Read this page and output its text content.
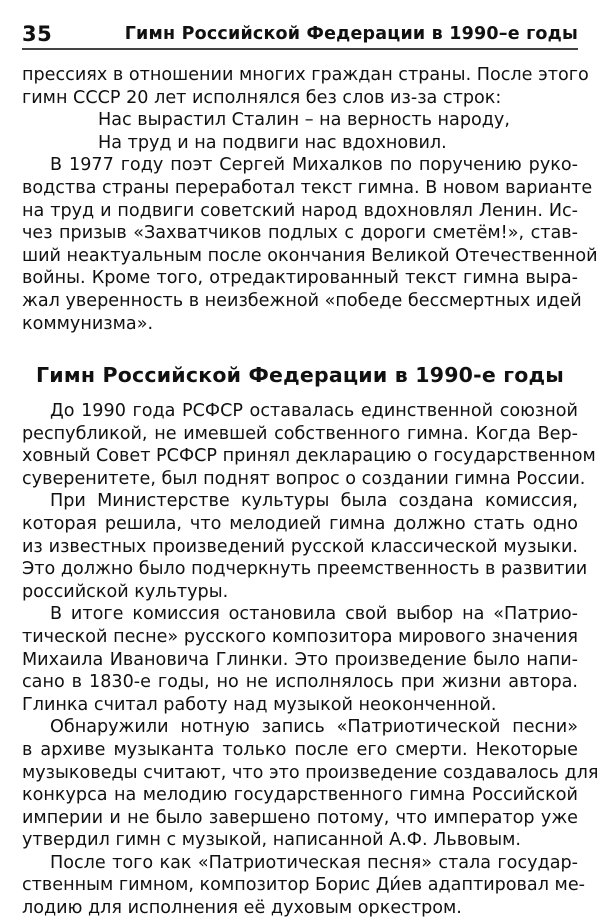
35	Гимн Российской Федерации в 1990–е годы
прессиях в отношении многих граждан страны. После этого
гимн СССР 20 лет исполнялся без слов из-за строк:
Нас вырастил Сталин – на верность народу,
На труд и на подвиги нас вдохновил.
В 1977 году поэт Сергей Михалков по поручению руко-
водства страны переработал текст гимна. В новом варианте
на труд и подвиги советский народ вдохновлял Ленин. Ис-
чез призыв «Захватчиков подлых с дороги сметём!», став-
ший неактуальным после окончания Великой Отечественной
войны. Кроме того, отредактированный текст гимна выра-
жал уверенность в неизбежной «победе бессмертных идей
коммунизма».
Гимн Российской Федерации в 1990-е годы
До 1990 года РСФСР оставалась единственной союзной
республикой, не имевшей собственного гимна. Когда Вер-
ховный Совет РСФСР принял декларацию о государственном
суверенитете, был поднят вопрос о создании гимна России.
При Министерстве культуры была создана комиссия,
которая решила, что мелодией гимна должно стать одно
из известных произведений русской классической музыки.
Это должно было подчеркнуть преемственность в развитии
российской культуры.
В итоге комиссия остановила свой выбор на «Патрио-
тической песне» русского композитора мирового значения
Михаила Ивановича Глинки. Это произведение было напи-
сано в 1830-е годы, но не исполнялось при жизни автора.
Глинка считал работу над музыкой неоконченной.
Обнаружили нотную запись «Патриотической песни»
в архиве музыканта только после его смерти. Некоторые
музыковеды считают, что это произведение создавалось для
конкурса на мелодию государственного гимна Российской
империи и не было завершено потому, что император уже
утвердил гимн с музыкой, написанной А.Ф. Львовым.
После того как «Патриотическая песня» стала государ-
ственным гимном, композитор Борис Ди́ев адаптировал ме-
лодию для исполнения её духовым оркестром.
